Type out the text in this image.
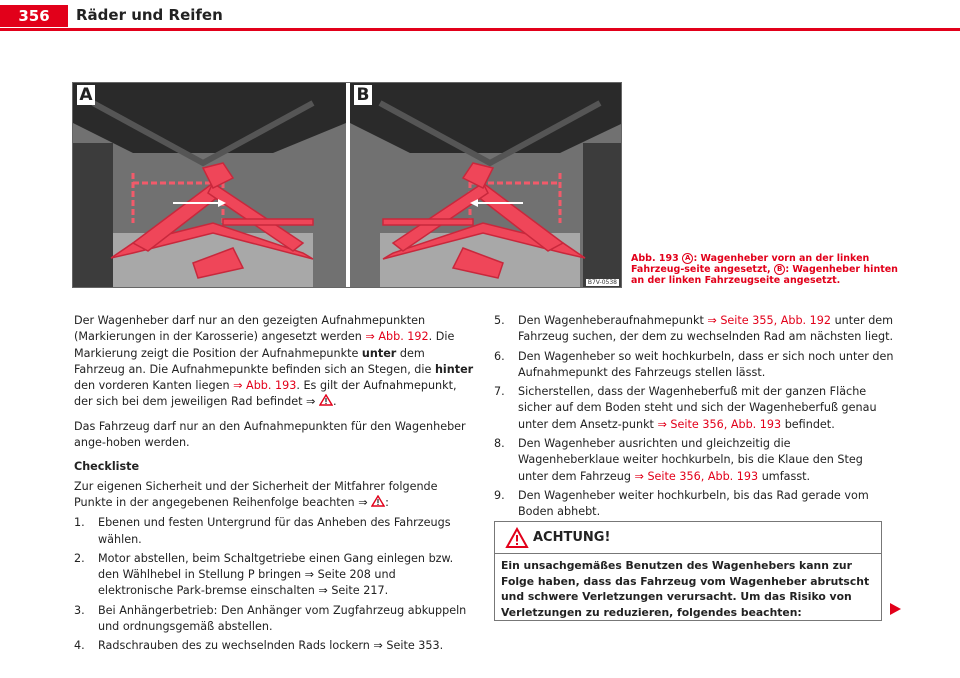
356	Räder und Reifen
A	B
B7V-0538
Abb. 193 A : Wagenheber vorn an der linken Fahrzeug-seite angesetzt, B : Wagenheber hinten an der linken Fahrzeugseite angesetzt.

Der Wagenheber darf nur an den gezeigten Aufnahmepunkten (Markierungen in der Karosserie) angesetzt werden ⇒ Abb. 192. Die Markierung zeigt die Position der Aufnahmepunkte unter dem Fahrzeug an. Die Aufnahmepunkte befinden sich an Stegen, die hinter den vorderen Kanten liegen ⇒ Abb. 193. Es gilt der Aufnahmepunkt, der sich bei dem jeweiligen Rad befindet ⇒ .

Das Fahrzeug darf nur an den Aufnahmepunkten für den Wagenheber ange-hoben werden.

Checkliste

Zur eigenen Sicherheit und der Sicherheit der Mitfahrer folgende Punkte in der angegebenen Reihenfolge beachten ⇒ :

1.	Ebenen und festen Untergrund für das Anheben des Fahrzeugs wählen.
2.	Motor abstellen, beim Schaltgetriebe einen Gang einlegen bzw. den Wählhebel in Stellung P bringen ⇒ Seite 208 und elektronische Park-bremse einschalten ⇒ Seite 217.
3.	Bei Anhängerbetrieb: Den Anhänger vom Zugfahrzeug abkuppeln und ordnungsgemäß abstellen.
4.	Radschrauben des zu wechselnden Rads lockern ⇒ Seite 353.
5.	Den Wagenheberaufnahmepunkt ⇒ Seite 355, Abb. 192 unter dem Fahrzeug suchen, der dem zu wechselnden Rad am nächsten liegt.
6.	Den Wagenheber so weit hochkurbeln, dass er sich noch unter den Aufnahmepunkt des Fahrzeugs stellen lässt.
7.	Sicherstellen, dass der Wagenheberfuß mit der ganzen Fläche sicher auf dem Boden steht und sich der Wagenheberfuß genau unter dem Ansetz-punkt ⇒ Seite 356, Abb. 193 befindet.
8.	Den Wagenheber ausrichten und gleichzeitig die Wagenheberklaue weiter hochkurbeln, bis die Klaue den Steg unter dem Fahrzeug ⇒ Seite 356, Abb. 193 umfasst.
9.	Den Wagenheber weiter hochkurbeln, bis das Rad gerade vom Boden abhebt.
ACHTUNG!
Ein unsachgemäßes Benutzen des Wagenhebers kann zur Folge haben, dass das Fahrzeug vom Wagenheber abrutscht und schwere Verletzungen verursacht. Um das Risiko von Verletzungen zu reduzieren, folgendes beachten:
